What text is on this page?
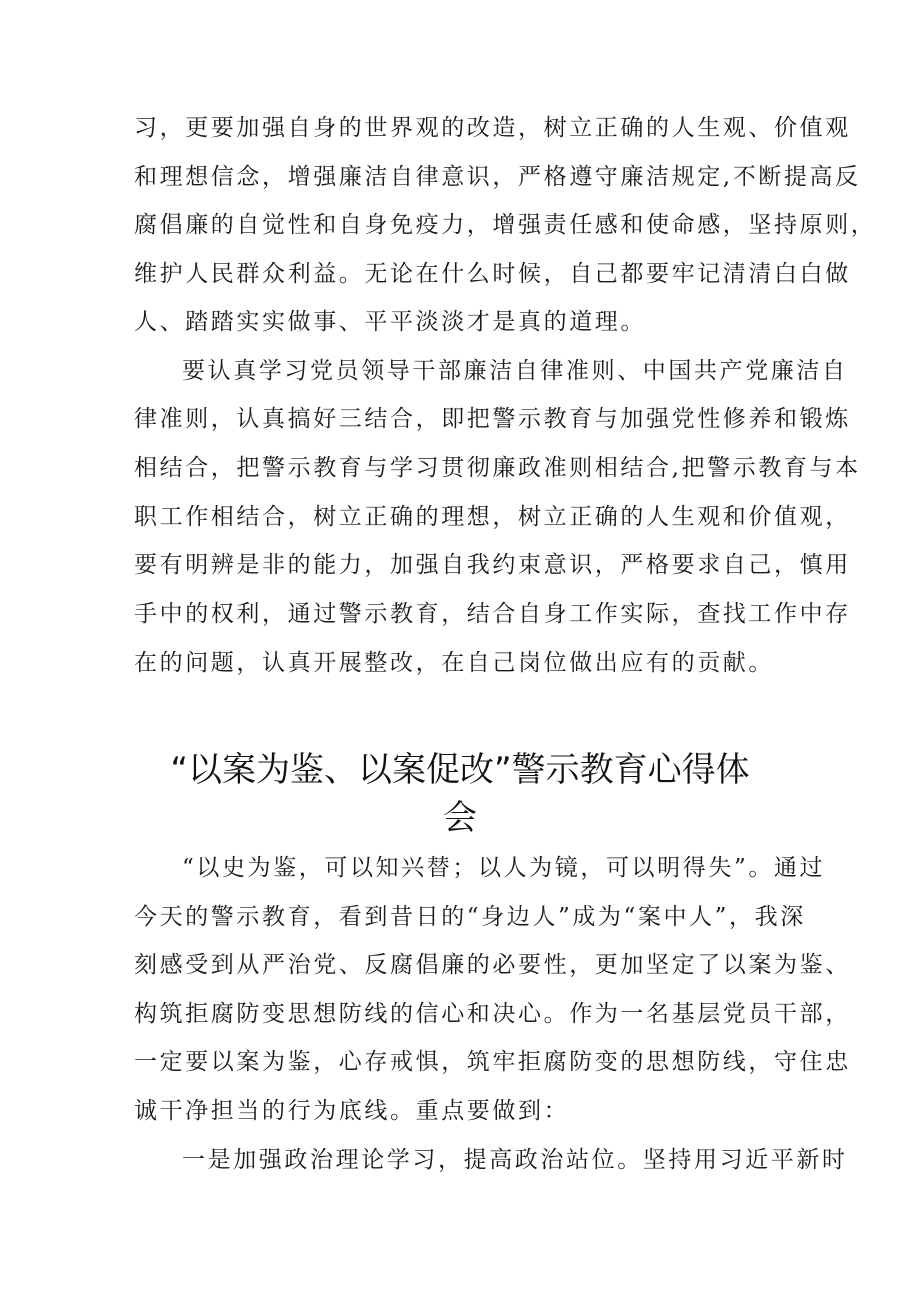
习，更要加强自身的世界观的改造，树立正确的人生观、价值观
和理想信念，增强廉洁自律意识，严格遵守廉洁规定,不断提高反
腐倡廉的自觉性和自身免疫力，增强责任感和使命感，坚持原则，
维护人民群众利益。无论在什么时候，自己都要牢记清清白白做
人、踏踏实实做事、平平淡淡才是真的道理。
要认真学习党员领导干部廉洁自律准则、中国共产党廉洁自
律准则，认真搞好三结合，即把警示教育与加强党性修养和锻炼
相结合，把警示教育与学习贯彻廉政准则相结合,把警示教育与本
职工作相结合，树立正确的理想，树立正确的人生观和价值观，
要有明辨是非的能力，加强自我约束意识，严格要求自己，慎用
手中的权利，通过警示教育，结合自身工作实际，查找工作中存
在的问题，认真开展整改，在自己岗位做出应有的贡献。
“以案为鉴、以案促改”警示教育心得体
会
“以史为鉴，可以知兴替；以人为镜，可以明得失”。通过
今天的警示教育，看到昔日的“身边人”成为“案中人”，我深
刻感受到从严治党、反腐倡廉的必要性，更加坚定了以案为鉴、
构筑拒腐防变思想防线的信心和决心。作为一名基层党员干部，
一定要以案为鉴，心存戒惧，筑牢拒腐防变的思想防线，守住忠
诚干净担当的行为底线。重点要做到：
一是加强政治理论学习，提高政治站位。坚持用习近平新时
